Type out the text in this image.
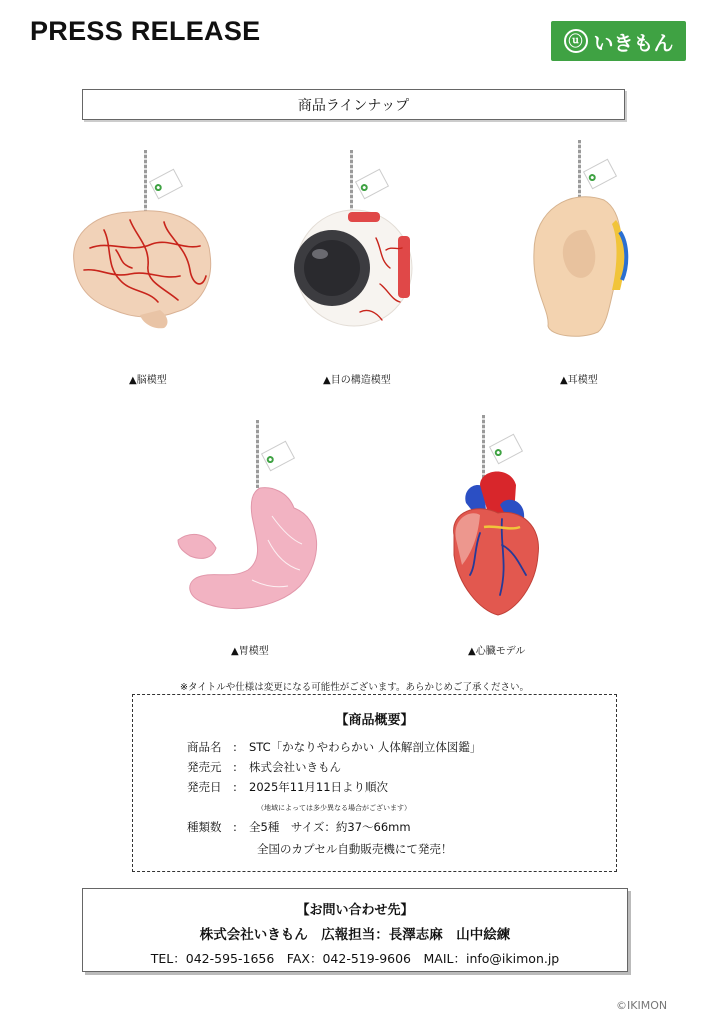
PRESS RELEASE	ⓤ いきもん
商品ラインナップ
▲脳模型	▲目の構造模型	▲耳模型
▲胃模型	▲心臓モデル
※タイトルや仕様は変更になる可能性がございます。あらかじめご了承ください。
【商品概要】
商品名 : STC「かなりやわらかい 人体解剖立体図鑑」
発売元 : 株式会社いきもん
発売日 : 2025年11月11日より順次
（地域によっては多少異なる場合がございます）
種類数 : 全5種　サイズ：約37〜66mm
全国のカプセル自動販売機にて発売！
【お問い合わせ先】
株式会社いきもん　広報担当：長澤志麻　山中絵練
TEL：042-595-1656　FAX：042-519-9606　MAIL：info@ikimon.jp
©IKIMON
